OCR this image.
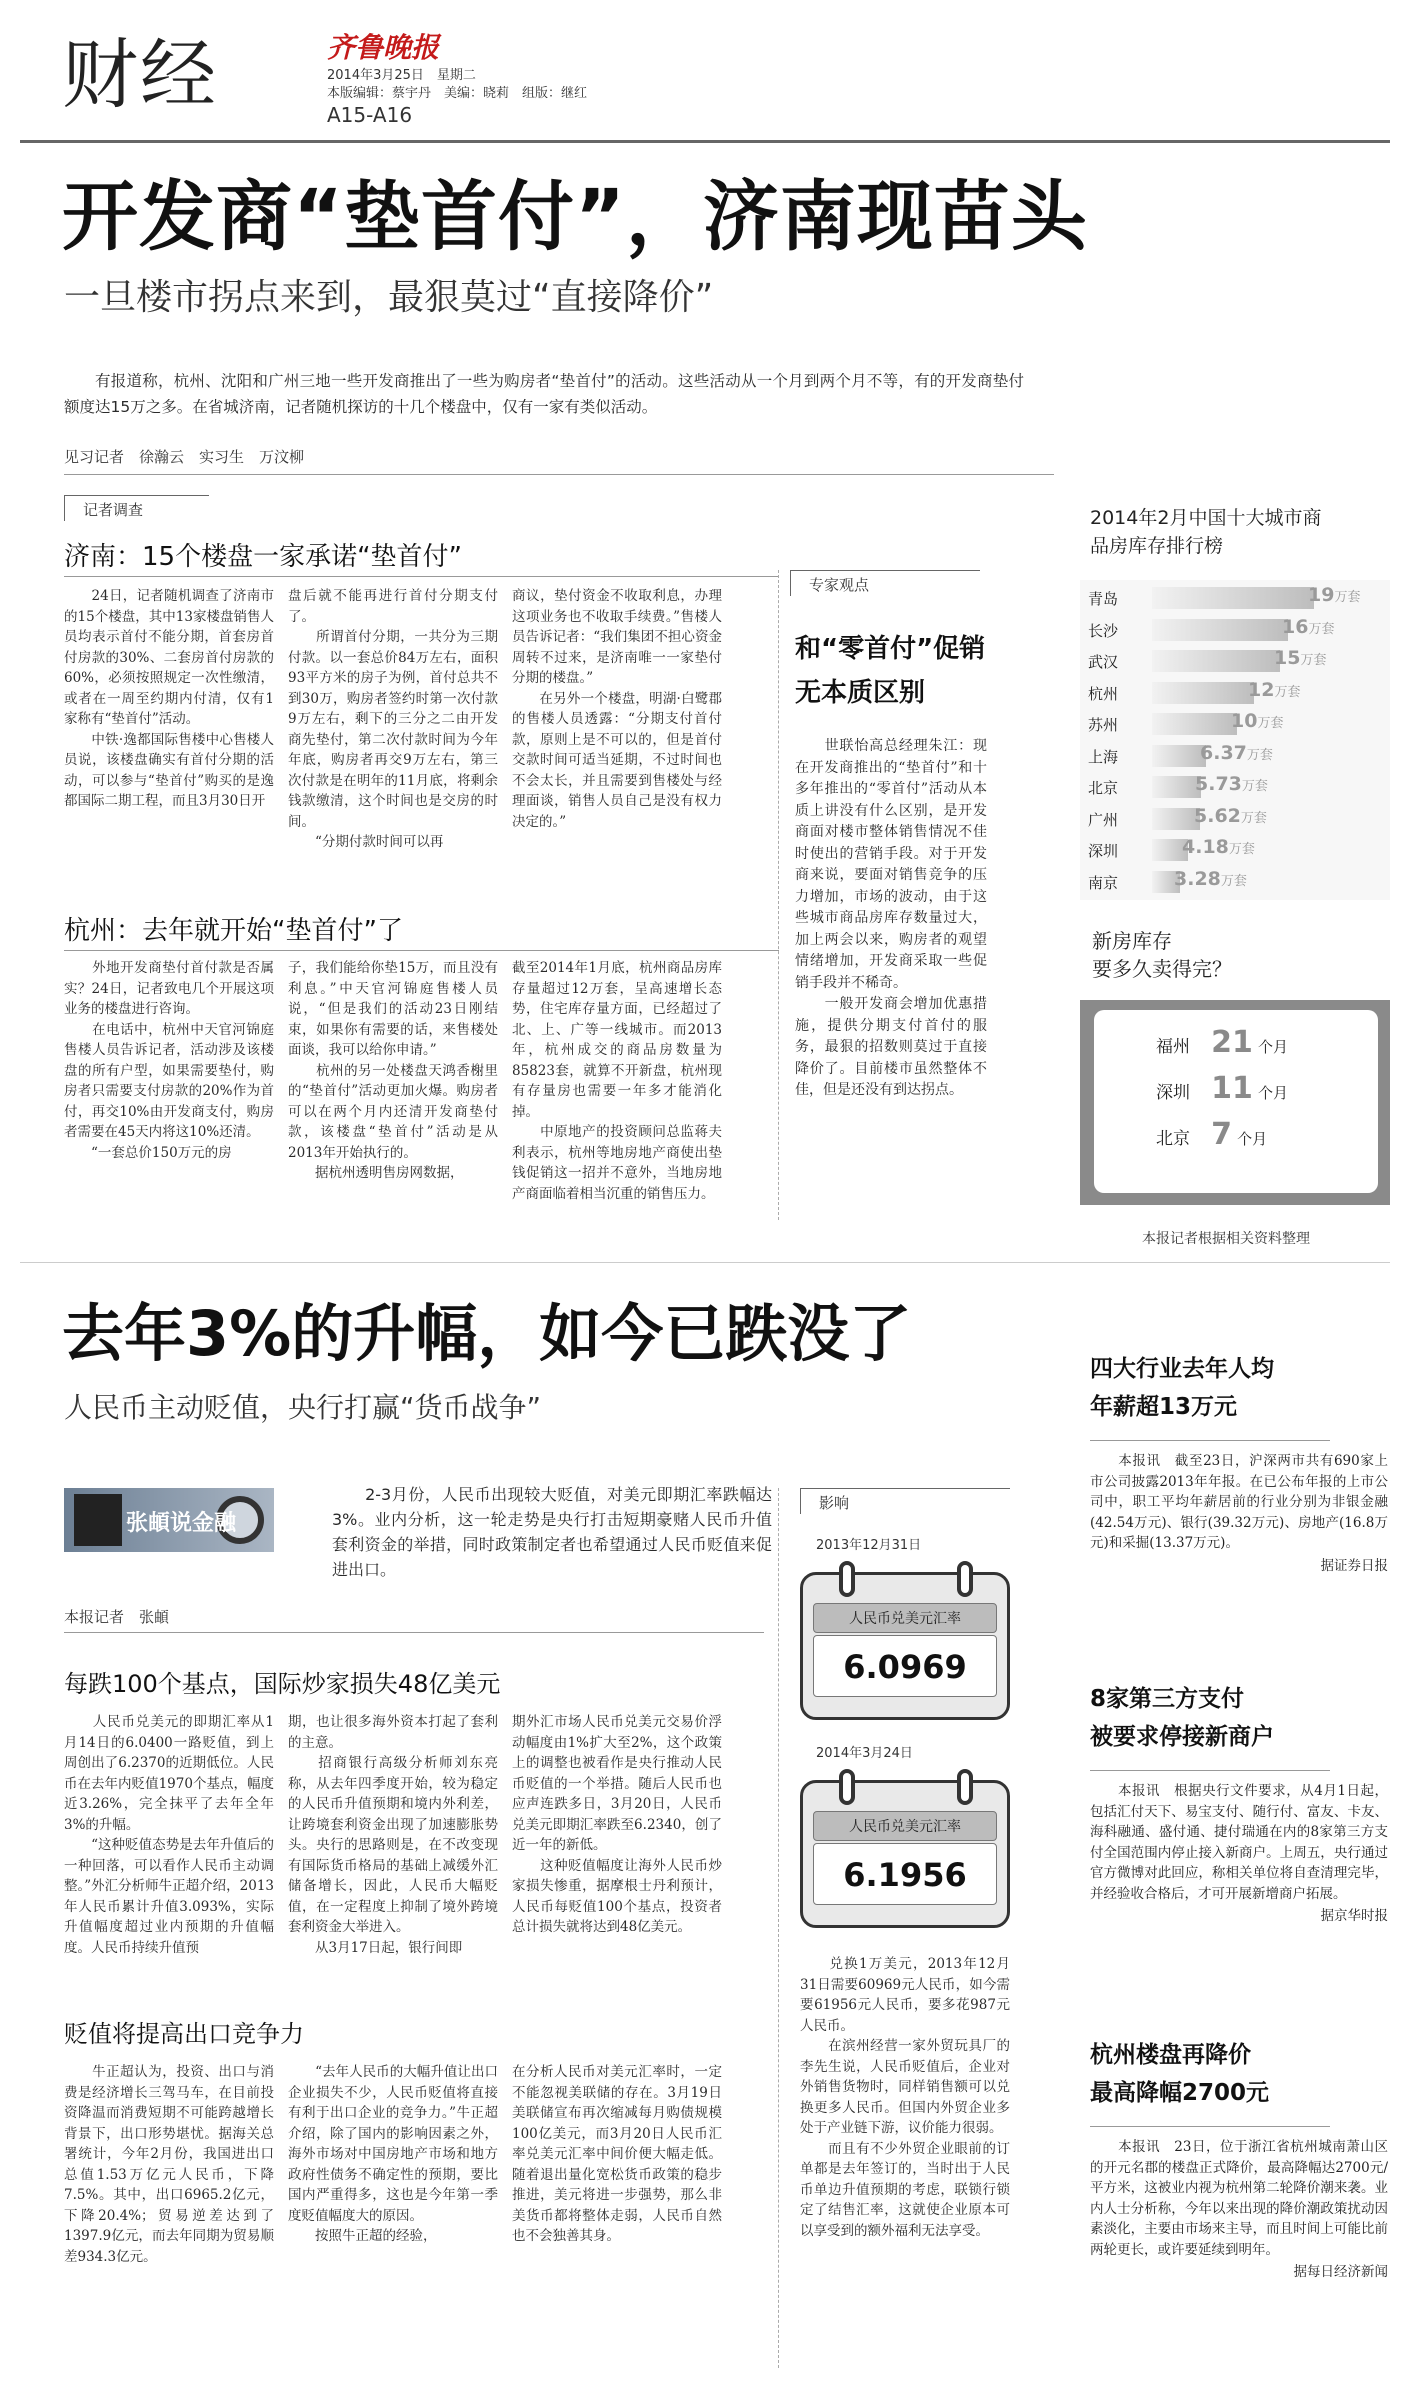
财经	齐鲁晚报
2014年3月25日　星期二
本版编辑：蔡宇丹　美编：晓莉　组版：继红
A15-A16
开发商“垫首付”，济南现苗头
一旦楼市拐点来到，最狠莫过“直接降价”
有报道称，杭州、沈阳和广州三地一些开发商推出了一些为购房者“垫首付”的活动。这些活动从一个月到两个月不等，有的开发商垫付额度达15万之多。在省城济南，记者随机探访的十几个楼盘中，仅有一家有类似活动。
见习记者　徐瀚云　实习生　万汶柳
记者调查
济南：15个楼盘一家承诺“垫首付”
　　24日，记者随机调查了济南市的15个楼盘，其中13家楼盘销售人员均表示首付不能分期，首套房首付房款的30%、二套房首付房款的60%，必须按照规定一次性缴清，或者在一周至约期内付清，仅有1家称有“垫首付”活动。
　　中铁·逸都国际售楼中心售楼人员说，该楼盘确实有首付分期的活动，可以参与“垫首付”购买的是逸都国际二期工程，而且3月30日开
盘后就不能再进行首付分期支付了。
　　所谓首付分期，一共分为三期付款。以一套总价84万左右，面积93平方米的房子为例，首付总共不到30万，购房者签约时第一次付款9万左右，剩下的三分之二由开发商先垫付，第二次付款时间为今年年底，购房者再交9万左右，第三次付款是在明年的11月底，将剩余钱款缴清，这个时间也是交房的时间。
　　“分期付款时间可以再
商议，垫付资金不收取利息，办理这项业务也不收取手续费。”售楼人员告诉记者：“我们集团不担心资金周转不过来，是济南唯一一家垫付分期的楼盘。”
　　在另外一个楼盘，明湖·白鹭郡的售楼人员透露：“分期支付首付款，原则上是不可以的，但是首付交款时间可适当延期，不过时间也不会太长，并且需要到售楼处与经理面谈，销售人员自己是没有权力决定的。”
杭州：去年就开始“垫首付”了
　　外地开发商垫付首付款是否属实？24日，记者致电几个开展这项业务的楼盘进行咨询。
　　在电话中，杭州中天官河锦庭售楼人员告诉记者，活动涉及该楼盘的所有户型，如果需要垫付，购房者只需要支付房款的20%作为首付，再交10%由开发商支付，购房者需要在45天内将这10%还清。
　　“一套总价150万元的房
子，我们能给你垫15万，而且没有利息。”中天官河锦庭售楼人员说，“但是我们的活动23日刚结束，如果你有需要的话，来售楼处面谈，我可以给你申请。”
　　杭州的另一处楼盘天鸿香榭里的“垫首付”活动更加火爆。购房者可以在两个月内还清开发商垫付款，该楼盘“垫首付”活动是从2013年开始执行的。
　　据杭州透明售房网数据，
截至2014年1月底，杭州商品房库存量超过12万套，呈高速增长态势，住宅库存量方面，已经超过了北、上、广等一线城市。而2013年，杭州成交的商品房数量为85823套，就算不开新盘，杭州现有存量房也需要一年多才能消化掉。
　　中原地产的投资顾问总监蒋夫利表示，杭州等地房地产商使出垫钱促销这一招并不意外，当地房地产商面临着相当沉重的销售压力。
专家观点
和“零首付”促销
无本质区别
　　世联怡高总经理朱江：现在开发商推出的“垫首付”和十多年推出的“零首付”活动从本质上讲没有什么区别，是开发商面对楼市整体销售情况不佳时使出的营销手段。对于开发商来说，要面对销售竞争的压力增加，市场的波动，由于这些城市商品房库存数量过大，加上两会以来，购房者的观望情绪增加，开发商采取一些促销手段并不稀奇。
　　一般开发商会增加优惠措施，提供分期支付首付的服务，最狠的招数则莫过于直接降价了。目前楼市虽然整体不佳，但是还没有到达拐点。
2014年2月中国十大城市商品房库存排行榜
青岛	19万套
长沙	16万套
武汉	15万套
杭州	12万套
苏州	10万套
上海	6.37万套
北京	5.73万套
广州	5.62万套
深圳	4.18万套
南京	3.28万套
新房库存
要多久卖得完？
福州 21 个月
深圳 11 个月
北京 7 个月
本报记者根据相关资料整理
去年3%的升幅，如今已跌没了
人民币主动贬值，央行打赢“货币战争”
张頔说金融
　　2-3月份，人民币出现较大贬值，对美元即期汇率跌幅达3%。业内分析，这一轮走势是央行打击短期豪赌人民币升值套利资金的举措，同时政策制定者也希望通过人民币贬值来促进出口。
本报记者　张頔
每跌100个基点，国际炒家损失48亿美元
　　人民币兑美元的即期汇率从1月14日的6.0400一路贬值，到上周创出了6.2370的近期低位。人民币在去年内贬值1970个基点，幅度近3.26%，完全抹平了去年全年3%的升幅。
　　“这种贬值态势是去年升值后的一种回落，可以看作人民币主动调整。”外汇分析师牛正超介绍，2013年人民币累计升值3.093%，实际升值幅度超过业内预期的升值幅度。人民币持续升值预
期，也让很多海外资本打起了套利的主意。
　　招商银行高级分析师刘东亮称，从去年四季度开始，较为稳定的人民币升值预期和境内外利差，让跨境套利资金出现了加速膨胀势头。央行的思路则是，在不改变现有国际货币格局的基础上减缓外汇储备增长，因此，人民币大幅贬值，在一定程度上抑制了境外跨境套利资金大举进入。
　　从3月17日起，银行间即
期外汇市场人民币兑美元交易价浮动幅度由1%扩大至2%，这个政策上的调整也被看作是央行推动人民币贬值的一个举措。随后人民币也应声连跌多日，3月20日，人民币兑美元即期汇率跌至6.2340，创了近一年的新低。
　　这种贬值幅度让海外人民币炒家损失惨重，据摩根士丹利预计，人民币每贬值100个基点，投资者总计损失就将达到48亿美元。
贬值将提高出口竞争力
　　牛正超认为，投资、出口与消费是经济增长三驾马车，在目前投资降温而消费短期不可能跨越增长背景下，出口形势堪忧。据海关总署统计，今年2月份，我国进出口总值1.53万亿元人民币，下降7.5%。其中，出口6965.2亿元，下降20.4%；贸易逆差达到了1397.9亿元，而去年同期为贸易顺差934.3亿元。
　　“去年人民币的大幅升值让出口企业损失不少，人民币贬值将直接有利于出口企业的竞争力。”牛正超介绍，除了国内的影响因素之外，海外市场对中国房地产市场和地方政府性债务不确定性的预期，要比国内严重得多，这也是今年第一季度贬值幅度大的原因。
　　按照牛正超的经验，
在分析人民币对美元汇率时，一定不能忽视美联储的存在。3月19日美联储宣布再次缩减每月购债规模100亿美元，而3月20日人民币汇率兑美元汇率中间价便大幅走低。随着退出量化宽松货币政策的稳步推进，美元将进一步强势，那么非美货币都将整体走弱，人民币自然也不会独善其身。
影响
2013年12月31日
人民币兑美元汇率
6.0969
2014年3月24日
人民币兑美元汇率
6.1956
　　兑换1万美元，2013年12月31日需要60969元人民币，如今需要61956元人民币，要多花987元人民币。
　　在滨州经营一家外贸玩具厂的李先生说，人民币贬值后，企业对外销售货物时，同样销售额可以兑换更多人民币。但国内外贸企业多处于产业链下游，议价能力很弱。
　　而且有不少外贸企业眼前的订单都是去年签订的，当时出于人民币单边升值预期的考虑，联锁行锁定了结售汇率，这就使企业原本可以享受到的额外福利无法享受。
四大行业去年人均
年薪超13万元
　　本报讯　截至23日，沪深两市共有690家上市公司披露2013年年报。在已公布年报的上市公司中，职工平均年薪居前的行业分别为非银金融(42.54万元)、银行(39.32万元)、房地产(16.8万元)和采掘(13.37万元)。
据证券日报
8家第三方支付
被要求停接新商户
　　本报讯　根据央行文件要求，从4月1日起，包括汇付天下、易宝支付、随行付、富友、卡友、海科融通、盛付通、捷付瑞通在内的8家第三方支付全国范围内停止接入新商户。上周五，央行通过官方微博对此回应，称相关单位将自查清理完毕，并经验收合格后，才可开展新增商户拓展。
据京华时报
杭州楼盘再降价
最高降幅2700元
　　本报讯　23日，位于浙江省杭州城南萧山区的开元名郡的楼盘正式降价，最高降幅达2700元/平方米，这被业内视为杭州第二轮降价潮来袭。业内人士分析称，今年以来出现的降价潮政策扰动因素淡化，主要由市场来主导，而且时间上可能比前两轮更长，或许要延续到明年。
据每日经济新闻
